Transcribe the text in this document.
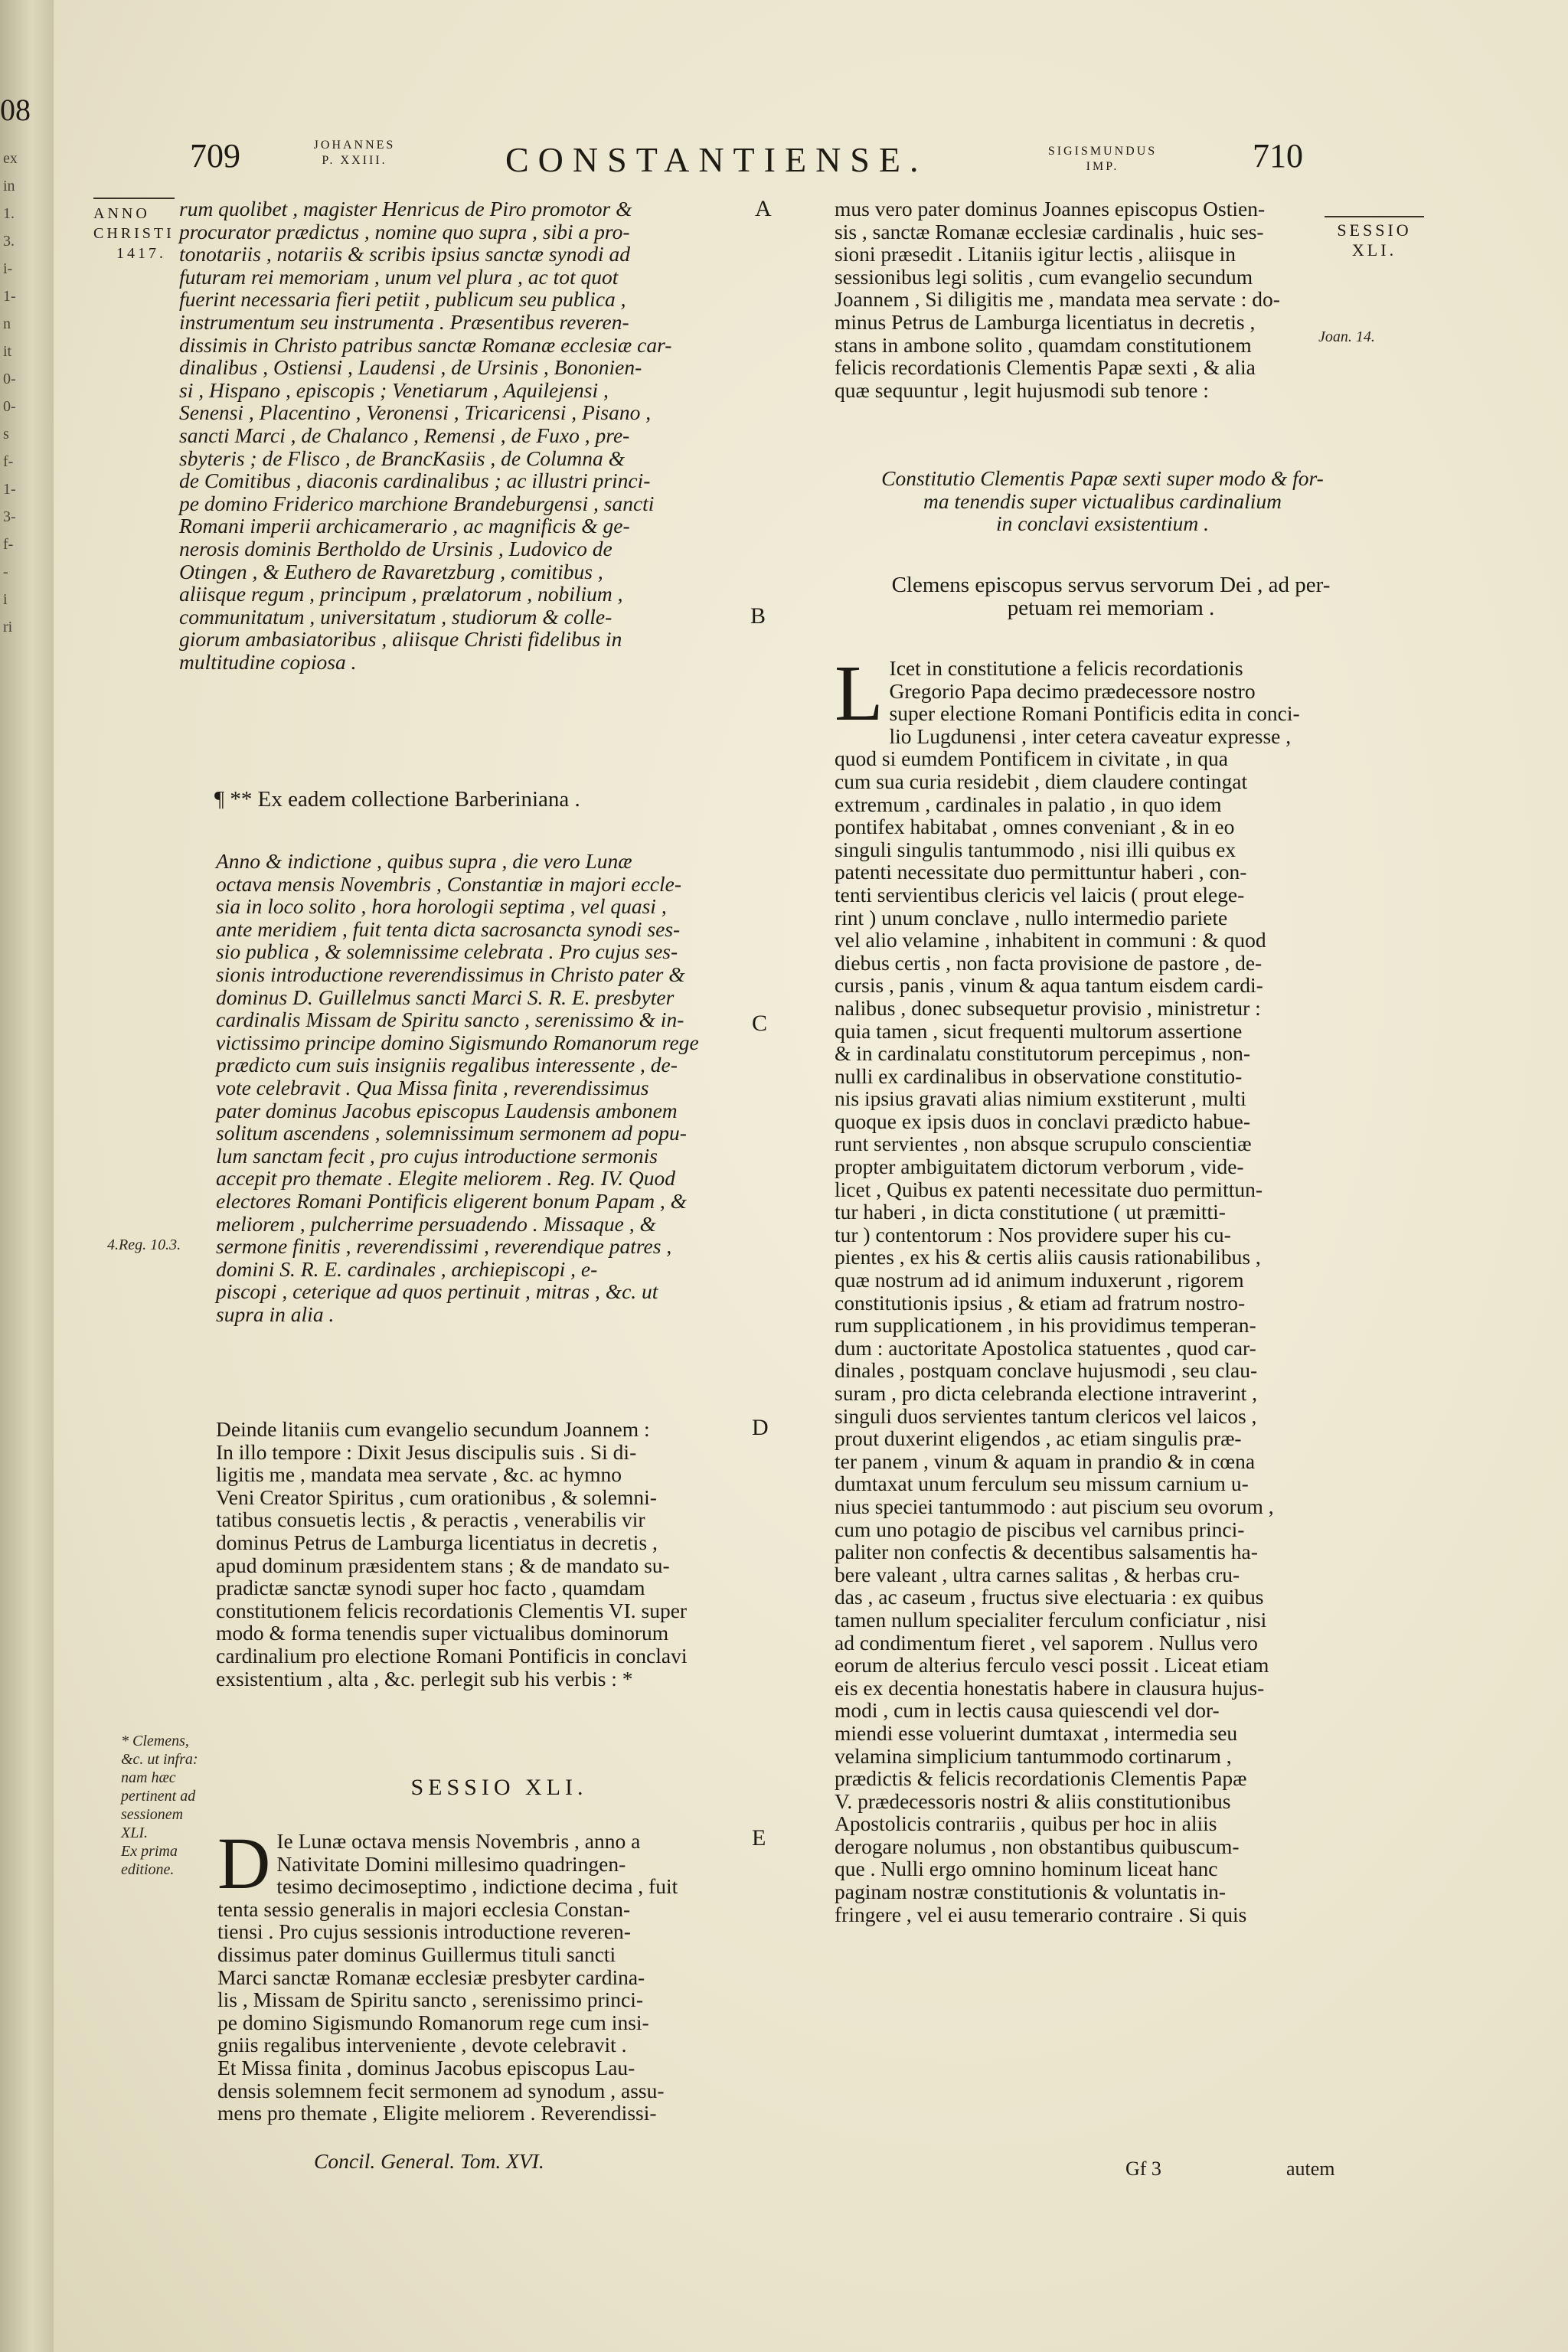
08
ex
in
1.
3.
i-
1-
n
it
0-
0-
s
f-
1-
3-
f-
-
i
ri
709	JOHANNES
P. XXIII.	CONSTANTIENSE.	SIGISMUNDUS
IMP.	710
ANNO
CHRISTI
1417.
4.Reg. 10.3.
* Clemens,
&c. ut infra:
nam hæc
pertinent ad
sessionem
XLI.
Ex prima
editione.
SESSIO
XLI.
Joan. 14.
A
B
C
D
E
rum quolibet , magister Henricus de Piro promotor &
procurator prædictus , nomine quo supra , sibi a pro-
tonotariis , notariis & scribis ipsius sanctæ synodi ad
futuram rei memoriam , unum vel plura , ac tot quot
fuerint necessaria fieri petiit , publicum seu publica ,
instrumentum seu instrumenta . Præsentibus reveren-
dissimis in Christo patribus sanctæ Romanæ ecclesiæ car-
dinalibus , Ostiensi , Laudensi , de Ursinis , Bononien-
si , Hispano , episcopis ; Venetiarum , Aquilejensi ,
Senensi , Placentino , Veronensi , Tricaricensi , Pisano ,
sancti Marci , de Chalanco , Remensi , de Fuxo , pre-
sbyteris ; de Flisco , de BrancKasiis , de Columna &
de Comitibus , diaconis cardinalibus ; ac illustri princi-
pe domino Friderico marchione Brandeburgensi , sancti
Romani imperii archicamerario , ac magnificis & ge-
nerosis dominis Bertholdo de Ursinis , Ludovico de
Otingen , & Euthero de Ravaretzburg , comitibus ,
aliisque regum , principum , prælatorum , nobilium ,
communitatum , universitatum , studiorum & colle-
giorum ambasiatoribus , aliisque Christi fidelibus in
multitudine copiosa .
¶ ** Ex eadem collectione Barberiniana .
Anno & indictione , quibus supra , die vero Lunæ
octava mensis Novembris , Constantiæ in majori eccle-
sia in loco solito , hora horologii septima , vel quasi ,
ante meridiem , fuit tenta dicta sacrosancta synodi ses-
sio publica , & solemnissime celebrata . Pro cujus ses-
sionis introductione reverendissimus in Christo pater &
dominus D. Guillelmus sancti Marci S. R. E. presbyter
cardinalis Missam de Spiritu sancto , serenissimo & in-
victissimo principe domino Sigismundo Romanorum rege
prædicto cum suis insigniis regalibus interessente , de-
vote celebravit . Qua Missa finita , reverendissimus
pater dominus Jacobus episcopus Laudensis ambonem
solitum ascendens , solemnissimum sermonem ad popu-
lum sanctam fecit , pro cujus introductione sermonis
accepit pro themate . Elegite meliorem . Reg. IV. Quod
electores Romani Pontificis eligerent bonum Papam , &
meliorem , pulcherrime persuadendo . Missaque , &
sermone finitis , reverendissimi , reverendique patres ,
domini S. R. E. cardinales , archiepiscopi , e-
piscopi , ceterique ad quos pertinuit , mitras , &c. ut
supra in alia .
Deinde litaniis cum evangelio secundum Joannem :
In illo tempore : Dixit Jesus discipulis suis . Si di-
ligitis me , mandata mea servate , &c. ac hymno
Veni Creator Spiritus , cum orationibus , & solemni-
tatibus consuetis lectis , & peractis , venerabilis vir
dominus Petrus de Lamburga licentiatus in decretis ,
apud dominum præsidentem stans ; & de mandato su-
pradictæ sanctæ synodi super hoc facto , quamdam
constitutionem felicis recordationis Clementis VI. super
modo & forma tenendis super victualibus dominorum
cardinalium pro electione Romani Pontificis in conclavi
exsistentium , alta , &c. perlegit sub his verbis : *
SESSIO XLI.
D Ie Lunæ octava mensis Novembris , anno a
Nativitate Domini millesimo quadringen-
tesimo decimoseptimo , indictione decima , fuit
tenta sessio generalis in majori ecclesia Constan-
tiensi . Pro cujus sessionis introductione reveren-
dissimus pater dominus Guillermus tituli sancti
Marci sanctæ Romanæ ecclesiæ presbyter cardina-
lis , Missam de Spiritu sancto , serenissimo princi-
pe domino Sigismundo Romanorum rege cum insi-
gniis regalibus interveniente , devote celebravit .
Et Missa finita , dominus Jacobus episcopus Lau-
densis solemnem fecit sermonem ad synodum , assu-
mens pro themate , Eligite meliorem . Reverendissi-
Concil. General. Tom. XVI.
mus vero pater dominus Joannes episcopus Ostien-
sis , sanctæ Romanæ ecclesiæ cardinalis , huic ses-
sioni præsedit . Litaniis igitur lectis , aliisque in
sessionibus legi solitis , cum evangelio secundum
Joannem , Si diligitis me , mandata mea servate : do-
minus Petrus de Lamburga licentiatus in decretis ,
stans in ambone solito , quamdam constitutionem
felicis recordationis Clementis Papæ sexti , & alia
quæ sequuntur , legit hujusmodi sub tenore :
Constitutio Clementis Papæ sexti super modo & for-
ma tenendis super victualibus cardinalium
in conclavi exsistentium .
Clemens episcopus servus servorum Dei , ad per-
petuam rei memoriam .
L Icet in constitutione a felicis recordationis
Gregorio Papa decimo prædecessore nostro
super electione Romani Pontificis edita in conci-
lio Lugdunensi , inter cetera caveatur expresse ,
quod si eumdem Pontificem in civitate , in qua
cum sua curia residebit , diem claudere contingat
extremum , cardinales in palatio , in quo idem
pontifex habitabat , omnes conveniant , & in eo
singuli singulis tantummodo , nisi illi quibus ex
patenti necessitate duo permittuntur haberi , con-
tenti servientibus clericis vel laicis ( prout elege-
rint ) unum conclave , nullo intermedio pariete
vel alio velamine , inhabitent in communi : & quod
diebus certis , non facta provisione de pastore , de-
cursis , panis , vinum & aqua tantum eisdem cardi-
nalibus , donec subsequetur provisio , ministretur :
quia tamen , sicut frequenti multorum assertione
& in cardinalatu constitutorum percepimus , non-
nulli ex cardinalibus in observatione constitutio-
nis ipsius gravati alias nimium exstiterunt , multi
quoque ex ipsis duos in conclavi prædicto habue-
runt servientes , non absque scrupulo conscientiæ
propter ambiguitatem dictorum verborum , vide-
licet , Quibus ex patenti necessitate duo permittun-
tur haberi , in dicta constitutione ( ut præmitti-
tur ) contentorum : Nos providere super his cu-
pientes , ex his & certis aliis causis rationabilibus ,
quæ nostrum ad id animum induxerunt , rigorem
constitutionis ipsius , & etiam ad fratrum nostro-
rum supplicationem , in his providimus temperan-
dum : auctoritate Apostolica statuentes , quod car-
dinales , postquam conclave hujusmodi , seu clau-
suram , pro dicta celebranda electione intraverint ,
singuli duos servientes tantum clericos vel laicos ,
prout duxerint eligendos , ac etiam singulis præ-
ter panem , vinum & aquam in prandio & in cœna
dumtaxat unum ferculum seu missum carnium u-
nius speciei tantummodo : aut piscium seu ovorum ,
cum uno potagio de piscibus vel carnibus princi-
paliter non confectis & decentibus salsamentis ha-
bere valeant , ultra carnes salitas , & herbas cru-
das , ac caseum , fructus sive electuaria : ex quibus
tamen nullum specialiter ferculum conficiatur , nisi
ad condimentum fieret , vel saporem . Nullus vero
eorum de alterius ferculo vesci possit . Liceat etiam
eis ex decentia honestatis habere in clausura hujus-
modi , cum in lectis causa quiescendi vel dor-
miendi esse voluerint dumtaxat , intermedia seu
velamina simplicium tantummodo cortinarum ,
prædictis & felicis recordationis Clementis Papæ
V. prædecessoris nostri & aliis constitutionibus
Apostolicis contrariis , quibus per hoc in aliis
derogare nolumus , non obstantibus quibuscum-
que . Nulli ergo omnino hominum liceat hanc
paginam nostræ constitutionis & voluntatis in-
fringere , vel ei ausu temerario contraire . Si quis
Gf 3	autem
